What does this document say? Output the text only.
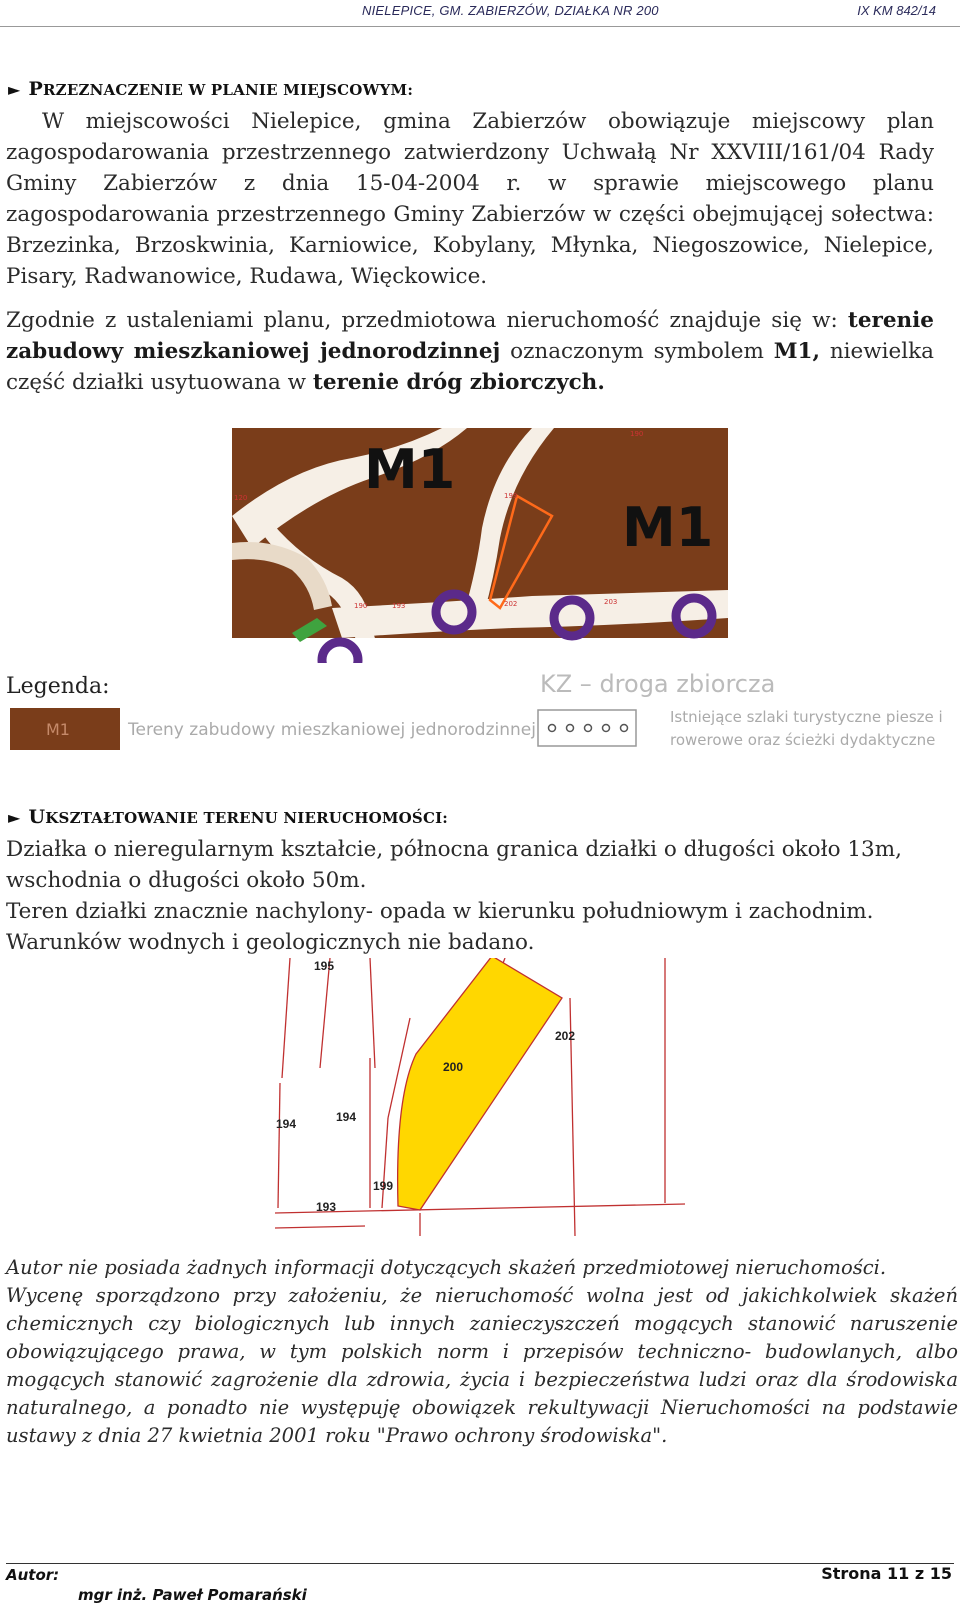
NIELEPICE, GM. ZABIERZÓW, DZIAŁKA NR 200	IX KM 842/14
► PRZEZNACZENIE W PLANIE MIEJSCOWYM:
W miejscowości Nielepice, gmina Zabierzów obowiązuje miejscowy plan zagospodarowania przestrzennego zatwierdzony Uchwałą Nr XXVIII/161/04 Rady Gminy Zabierzów z dnia 15-04-2004 r. w sprawie miejscowego planu zagospodarowania przestrzennego Gminy Zabierzów w części obejmującej sołectwa: Brzezinka, Brzoskwinia, Karniowice, Kobylany, Młynka, Niegoszowice, Nielepice, Pisary, Radwanowice, Rudawa, Więckowice.
Zgodnie z ustaleniami planu, przedmiotowa nieruchomość znajduje się w: terenie zabudowy mieszkaniowej jednorodzinnej oznaczonym symbolem M1, niewielka część działki usytuowana w terenie dróg zbiorczych.
M1
M1
190
202	203
193
190
199
120
Legenda:	KZ – droga zbiorcza
M1	Tereny zabudowy mieszkaniowej jednorodzinnej
Istniejące szlaki turystyczne piesze i
rowerowe oraz ścieżki dydaktyczne
► UKSZTAŁTOWANIE TERENU NIERUCHOMOŚCI:
Działka o nieregularnym kształcie, północna granica działki o długości około 13m,
wschodnia o długości około 50m.
Teren działki znacznie nachylony- opada w kierunku południowym i zachodnim.
Warunków wodnych i geologicznych nie badano.
195
202
200
194	194
193
199
Autor nie posiada żadnych informacji dotyczących skażeń przedmiotowej nieruchomości.
Wycenę sporządzono przy założeniu, że nieruchomość wolna jest od jakichkolwiek skażeń chemicznych czy biologicznych lub innych zanieczyszczeń mogących stanowić naruszenie obowiązującego prawa, w tym polskich norm i przepisów techniczno- budowlanych, albo mogących stanowić zagrożenie dla zdrowia, życia i bezpieczeństwa ludzi oraz dla środowiska naturalnego, a ponadto nie występuję obowiązek rekultywacji Nieruchomości na podstawie ustawy z dnia 27 kwietnia 2001 roku "Prawo ochrony środowiska".
Autor:
mgr inż. Paweł Pomarański
Strona 11 z 15
